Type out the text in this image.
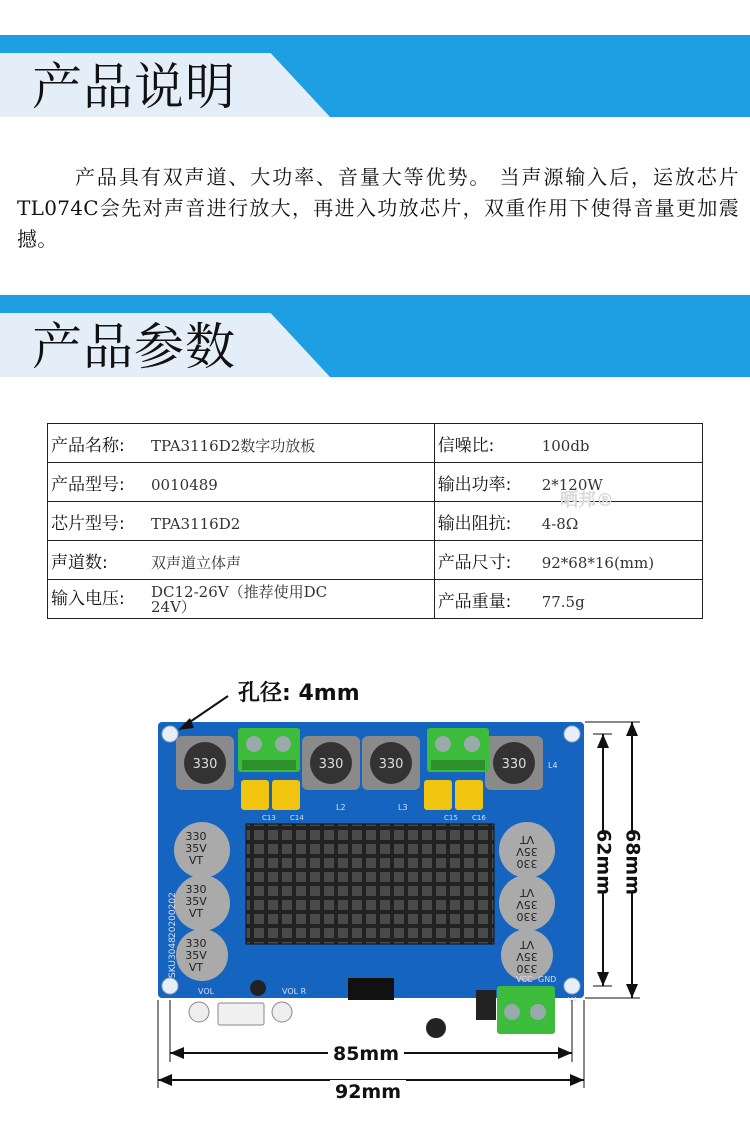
产品说明

产品具有双声道、大功率、音量大等优势。 当声源输入后，运放芯片TL074C会先对声音进行放大，再进入功放芯片，双重作用下使得音量更加震撼。

产品参数
产品名称: TPA3116D2数字功放板	信噪比: 100db
产品型号: 0010489	输出功率: 2*120W
芯片型号: TPA3116D2	输出阻抗: 4-8Ω
声道数: 双声道立体声	产品尺寸: 92*68*16(mm)
输入电压: DC12-26V（推荐使用DC 24V）	产品重量: 77.5g
晒邦®
330	330	330	330
L2	L3
L4
C13 C14	C15 C16
330
35V
VT
330
35V
VT
330
35V
VT
330
35V
VT
330
35V
VT
330
35V
VT
20200202
SKU3048
VOL	VOL R
VCC GND
V4
孔径: 4mm
62mm 68mm
85mm
92mm
